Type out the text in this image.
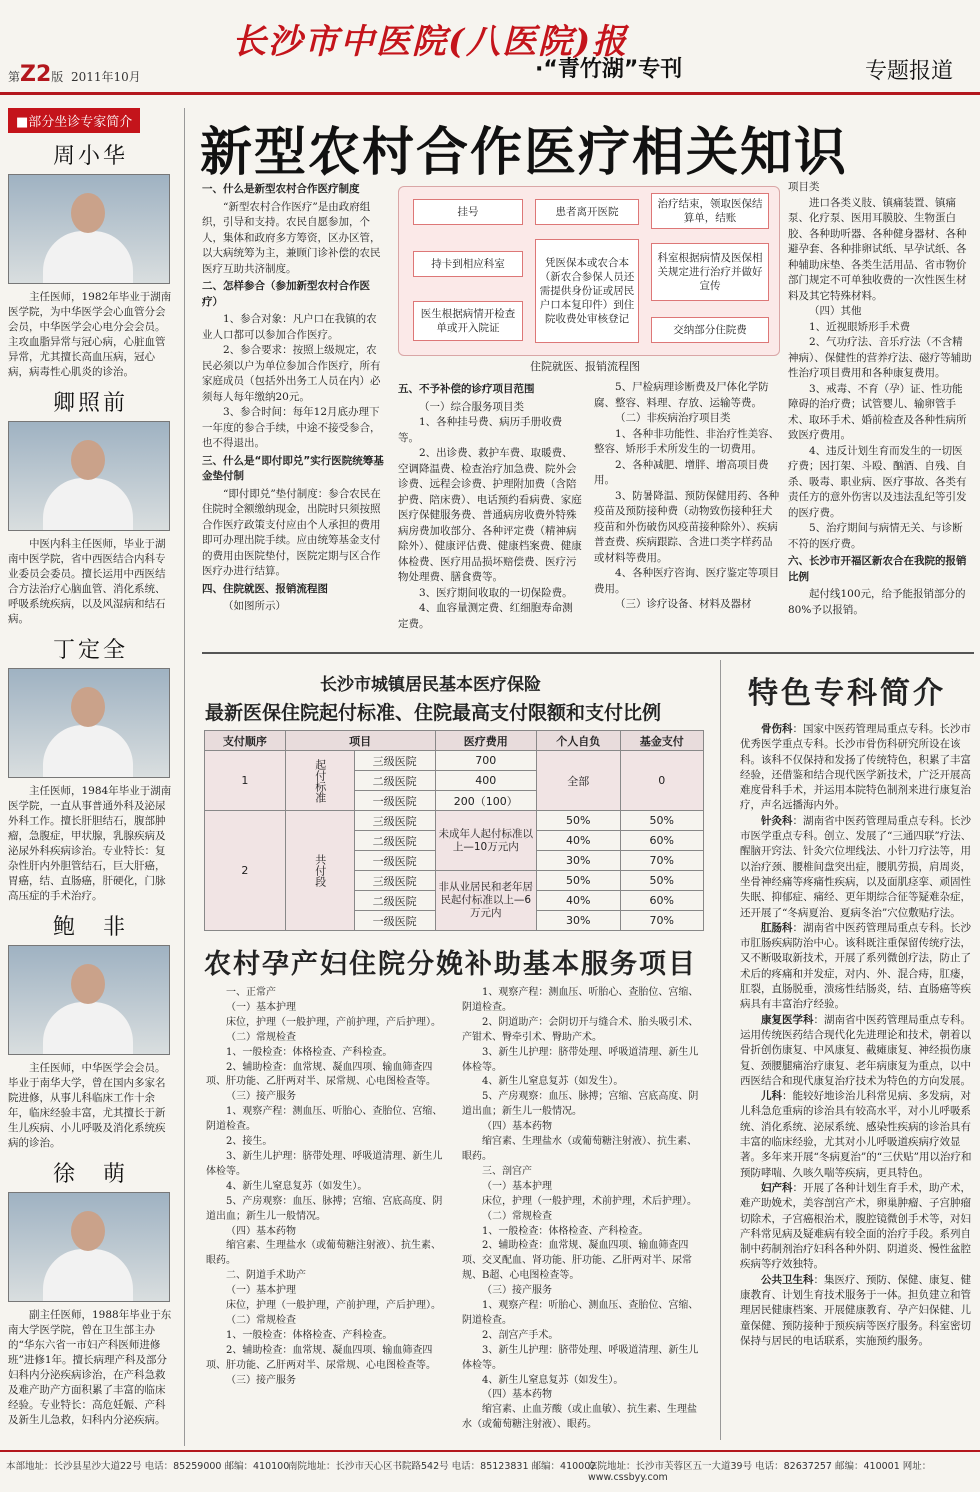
第Z2版 2011年10月
长沙市中医院(八医院)报
·“青竹湖”专刊	专题报道
■部分坐诊专家简介
周小华

主任医师，1982年毕业于湖南医学院，为中华医学会心血管分会会员，中华医学会心电分会会员。主攻血脂异常与冠心病，心脏血管异常，尤其擅长高血压病，冠心病，病毒性心肌炎的诊治。

卿照前

中医内科主任医师，毕业于湖南中医学院，省中西医结合内科专业委员会委员。擅长运用中西医结合方法治疗心脑血管、消化系统、呼吸系统疾病，以及风湿病和结石病。

丁定全

主任医师，1984年毕业于湖南医学院，一直从事普通外科及泌尿外科工作。擅长肝胆结石，腹部肿瘤，急腹症，甲状腺，乳腺疾病及泌尿外科疾病诊治。专业特长：复杂性肝内外胆管结石，巨大肝癌，胃癌，结、直肠癌，肝硬化，门脉高压症的手术治疗。

鲍　非

主任医师，中华医学会会员。毕业于南华大学，曾在国内多家名院进修，从事儿科临床工作十余年，临床经验丰富，尤其擅长于新生儿疾病、小儿呼吸及消化系统疾病的诊治。

徐　萌

副主任医师，1988年毕业于东南大学医学院，曾在卫生部主办的“华东六省一市妇产科医师进修班”进修1年。擅长病理产科及部分妇科内分泌疾病诊治，在产科急救及难产助产方面积累了丰富的临床经验。专业特长：高危妊娠、产科及新生儿急救，妇科内分泌疾病。

新型农村合作医疗相关知识
一、什么是新型农村合作医疗制度

“新型农村合作医疗”是由政府组织，引导和支持。农民自愿参加，个人，集体和政府多方筹资，区办区管，以大病统筹为主，兼顾门诊补偿的农民医疗互助共济制度。

二、怎样参合（参加新型农村合作医疗）

1、参合对象：凡户口在我镇的农业人口都可以参加合作医疗。

2、参合要求：按照上级规定，农民必须以户为单位参加合作医疗，所有家庭成员（包括外出务工人员在内）必须每人每年缴纳20元。

3、参合时间：每年12月底办理下一年度的参合手续，中途不接受参合，也不得退出。

三、什么是“即付即兑”实行医院统筹基金垫付制

“即付即兑”垫付制度：参合农民在住院时全额缴纳现金，出院时只须按照合作医疗政策支付应由个人承担的费用即可办理出院手续。应由统筹基金支付的费用由医院垫付，医院定期与区合作医疗办进行结算。

四、住院就医、报销流程图

（如图所示）

挂号
持卡到相应科室
医生根据病情开检查单或开入院证
患者离开医院
凭医保本或农合本（新农合参保人员还需提供身份证或居民户口本复印件）到住院收费处审核登记
治疗结束，领取医保结算单，结账
科室根据病情及医保相关规定进行治疗并做好宣传
交纳部分住院费
住院就医、报销流程图
五、不予补偿的诊疗项目范围

（一）综合服务项目类

1、各种挂号费、病历手册收费等。

2、出诊费、救护车费、取暖费、空调降温费、检查治疗加急费、院外会诊费、远程会诊费、护理附加费（含陪护费、陪床费）、电话预约看病费、家庭医疗保健服务费、普通病房收费外特殊病房费加收部分、各种评定费（精神病除外）、健康评估费、健康档案费、健康体检费、医疗用品损坏赔偿费、医疗污物处理费、膳食费等。

3、医疗期间收取的一切保险费。

4、血容量测定费、红细胞寿命测定费。

5、尸检病理诊断费及尸体化学防腐、整容、料理、存放、运输等费。

（二）非疾病治疗项目类

1、各种非功能性、非治疗性美容、整容、矫形手术所发生的一切费用。

2、各种减肥、增胖、增高项目费用。

3、防暑降温、预防保健用药、各种疫苗及预防接种费（动物致伤接种狂犬疫苗和外伤破伤风疫苗接种除外）、疾病普查费、疾病跟踪、含进口类字样药品或材料等费用。

4、各种医疗咨询、医疗鉴定等项目费用。

（三）诊疗设备、材料及器材

项目类

进口各类义肢、镇痛装置、镇痛泵、化疗泵、医用耳膜胶、生物蛋白胶、各种助听器、各种健身器材、各种避孕套、各种排卵试纸、早孕试纸、各种辅助床垫、各类生活用品、省市物价部门规定不可单独收费的一次性医生材料及其它特殊材料。

（四）其他

1、近视眼矫形手术费

2、气功疗法、音乐疗法（不含精神病）、保健性的营养疗法、磁疗等辅助性治疗项目费用和各种康复费用。

3、戒毒、不育（孕）证、性功能障碍的治疗费；试管婴儿、输卵管手术、取环手术、婚前检查及各种性病所致医疗费用。

4、违反计划生育而发生的一切医疗费；因打架、斗殴、酗酒、自残、自杀、吸毒、职业病、医疗事故、各类有责任方的意外伤害以及违法乱纪等引发的医疗费。

5、治疗期间与病情无关、与诊断不符的医疗费。

六、长沙市开福区新农合在我院的报销比例

起付线100元，给予能报销部分的80%予以报销。

长沙市城镇居民基本医疗保险
最新医保住院起付标准、住院最高支付限额和支付比例
支付顺序	项目		医疗费用	个人自负	基金支付
1	起付标准	三级医院	700	全部	0
		二级医院	400		
		一级医院	200（100）		
2	共付段	三级医院	未成年人起付标准以上—10万元内	50%	50%
		二级医院		40%	60%
		一级医院		30%	70%
		三级医院	非从业居民和老年居民起付标准以上—6万元内	50%	50%
		二级医院		40%	60%
		一级医院		30%	70%
农村孕产妇住院分娩补助基本服务项目

一、正常产

（一）基本护理

床位，护理（一般护理，产前护理，产后护理）。

（二）常规检查

1、一般检查：体格检查、产科检查。

2、辅助检查：血常规、凝血四项、输血筛查四项、肝功能、乙肝两对半、尿常规、心电图检查等。

（三）接产服务

1、观察产程：测血压、听胎心、查胎位、宫缩、阴道检查。

2、接生。

3、新生儿护理：脐带处理、呼吸道清理、新生儿体检等。

4、新生儿窒息复苏（如发生）。

5、产房观察：血压、脉搏；宫缩、宫底高度、阴道出血；新生儿一般情况。

（四）基本药物

缩宫素、生理盐水（或葡萄糖注射液）、抗生素、眼药。

二、阴道手术助产

（一）基本护理

床位，护理（一般护理，产前护理，产后护理）。

（二）常规检查

1、一般检查：体格检查、产科检查。

2、辅助检查：血常规、凝血四项、输血筛查四项、肝功能、乙肝两对半、尿常规、心电图检查等。

（三）接产服务

1、观察产程：测血压、听胎心、查胎位、宫缩、阴道检查。

2、阴道助产：会阴切开与缝合术、胎头吸引术、产钳术、臀牵引术、臀助产术。

3、新生儿护理：脐带处理、呼吸道清理、新生儿体检等。

4、新生儿窒息复苏（如发生）。

5、产房观察：血压、脉搏；宫缩、宫底高度、阴道出血；新生儿一般情况。

（四）基本药物

缩宫素、生理盐水（或葡萄糖注射液）、抗生素、眼药。

三、剖宫产

（一）基本护理

床位，护理（一般护理，术前护理，术后护理）。

（二）常规检查

1、一般检查：体格检查、产科检查。

2、辅助检查：血常规、凝血四项、输血筛查四项、交叉配血、肾功能、肝功能、乙肝两对半、尿常规、B超、心电图检查等。

（三）接产服务

1、观察产程：听胎心、测血压、查胎位、宫缩、阴道检查。

2、剖宫产手术。

3、新生儿护理：脐带处理、呼吸道清理、新生儿体检等。

4、新生儿窒息复苏（如发生）。

（四）基本药物

缩宫素、止血芳酸（或止血敏）、抗生素、生理盐水（或葡萄糖注射液）、眼药。

特色专科简介

骨伤科：国家中医药管理局重点专科。长沙市优秀医学重点专科。长沙市骨伤科研究所设在该科。该科不仅保持和发扬了传统特色，积累了丰富经验，还借鉴和结合现代医学新技术，广泛开展高难度骨科手术，并运用本院特色制剂来进行康复治疗，声名远播海内外。

针灸科：湖南省中医药管理局重点专科。长沙市医学重点专科。创立、发展了“三通四联”疗法、醒脑开窍法、针灸穴位埋线法、小针刀疗法等，用以治疗颈、腰椎间盘突出症，腰肌劳损，肩周炎，坐骨神经痛等疼痛性疾病，以及面肌痉挛、顽固性失眠、抑郁症、痛经、更年期综合征等疑难杂症，还开展了“冬病夏治、夏病冬治”穴位敷贴疗法。

肛肠科：湖南省中医药管理局重点专科。长沙市肛肠疾病防治中心。该科既注重保留传统疗法，又不断吸取新技术，开展了系列微创疗法，防止了术后的疼痛和并发症，对内、外、混合痔，肛瘘，肛裂，直肠脱垂，溃疡性结肠炎，结、直肠癌等疾病具有丰富治疗经验。

康复医学科：湖南省中医药管理局重点专科。运用传统医药结合现代化先进理论和技术，朝着以骨折创伤康复、中风康复、截瘫康复、神经损伤康复、颈腰腿痛治疗康复、老年病康复为重点，以中西医结合和现代康复治疗技术为特色的方向发展。

儿科：能较好地诊治儿科常见病、多发病，对儿科急危重病的诊治具有较高水平，对小儿呼吸系统、消化系统、泌尿系统、感染性疾病的诊治具有丰富的临床经验，尤其对小儿呼吸道疾病疗效显著。多年来开展“冬病夏治”的“三伏贴”用以治疗和预防哮喘、久咳久喘等疾病，更具特色。

妇产科：开展了各种计划生育手术，助产术，难产助娩术，美容剖宫产术，卵巢肿瘤、子宫肿瘤切除术，子宫癌根治术，腹腔镜微创手术等，对妇产科常见病及疑难病有较全面的治疗手段。系列自制中药制剂治疗妇科各种外阴、阴道炎、慢性盆腔疾病等疗效独特。

公共卫生科：集医疗、预防、保健、康复、健康教育、计划生育技术服务于一体。担负建立和管理居民健康档案、开展健康教育、孕产妇保健、儿童保健、预防接种于预疾病等医疗服务。科室密切保持与居民的电话联系，实施预约服务。

本部地址：长沙县星沙大道22号 电话：85259000 邮编：410100
南院地址：长沙市天心区书院路542号 电话：85123831 邮编：410002
东院地址：长沙市芙蓉区五一大道39号 电话：82637257 邮编：410001 网址：www.cssbyy.com
